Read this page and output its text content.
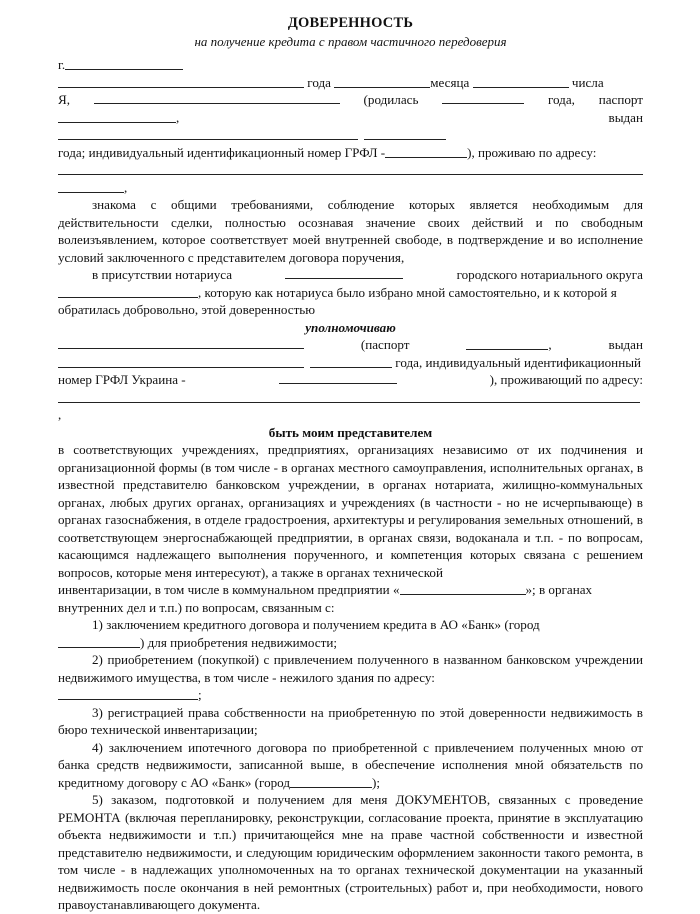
ДОВЕРЕННОСТЬ
на получение кредита с правом частичного передоверия

г.

года	месяца	числа

Я,	(родилась	года, паспорт
,	выдан

года; индивидуальный идентификационный номер ГРФЛ -	), проживаю по адресу:

,

знакома с общими требованиями, соблюдение которых является необходимым для действительности сделки, полностью осознавая значение своих действий и по свободным волеизъявлением, которое соответствует моей внутренней свободе, в подтверждение и во исполнение условий заключенного с представителем договора поручения,

в присутствии нотариуса	городского нотариального округа

, которую как нотариуса было избрано мной самостоятельно, и к которой я

обратилась добровольно, этой доверенностью

уполномочиваю

(паспорт	,	выдан

года, индивидуальный идентификационный

номер ГРФЛ Украина -	), проживающий по адресу:

,

быть моим представителем

в соответствующих учреждениях, предприятиях, организациях независимо от их подчинения и организационной формы (в том числе - в органах местного самоуправления, исполнительных органах, в известной представителю банковском учреждении, в органах нотариата, жилищно-коммунальных органах, любых других органах, организациях и учреждениях (в частности - но не исчерпывающе) в органах газоснабжения, в отделе градостроения, архитектуры и регулирования земельных отношений, в соответствующем энергоснабжающей предприятии, в органах связи, водоканала и т.п. - по вопросам, касающимся надлежащего выполнения порученного, и компетенция которых связана с решением вопросов, которые меня интересуют), а также в органах технической

инвентаризации, в том числе в коммунальном предприятии «	»; в органах

внутренних дел и т.п.) по вопросам, связанным с:

1) заключением кредитного договора и получением кредита в АО «Банк» (город

) для приобретения недвижимости;

2) приобретением (покупкой) с привлечением полученного в названном банковском учреждении недвижимого имущества, в том числе - нежилого здания по адресу:

;

3) регистрацией права собственности на приобретенную по этой доверенности недвижимость в бюро технической инвентаризации;

4) заключением ипотечного договора по приобретенной с привлечением полученных мною от банка средств недвижимости, записанной выше, в обеспечение исполнения мной обязательств по кредитному договору с АО «Банк» (город	);

5) заказом, подготовкой и получением для меня ДОКУМЕНТОВ, связанных с проведение РЕМОНТА (включая перепланировку, реконструкции, согласование проекта, принятие в эксплуатацию объекта недвижимости и т.п.) причитающейся мне на праве частной собственности и известной представителю недвижимости, и следующим юридическим оформлением законности такого ремонта, в том числе - в надлежащих уполномоченных на то органах технической документации на указанный недвижимость после окончания в ней ремонтных (строительных) работ и, при необходимости, нового правоустанавливающего документа.
